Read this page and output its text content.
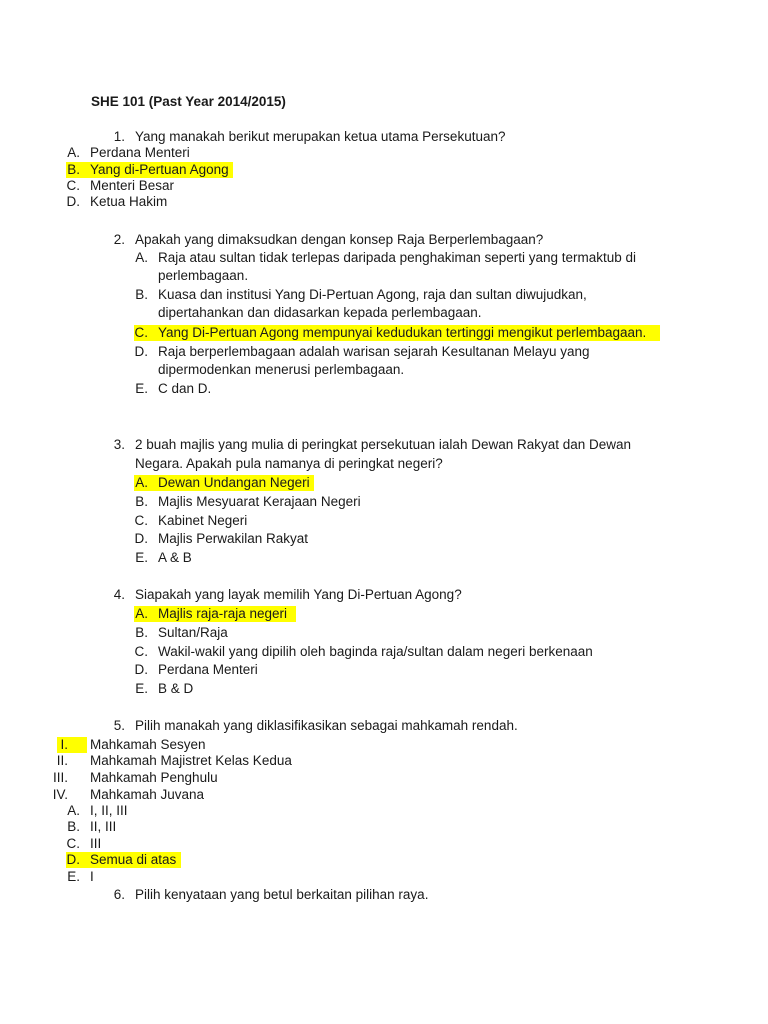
SHE 101 (Past Year 2014/2015)
1. Yang manakah berikut merupakan ketua utama Persekutuan?
A. Perdana Menteri
B. Yang di-Pertuan Agong
C. Menteri Besar
D. Ketua Hakim
2. Apakah yang dimaksudkan dengan konsep Raja Berperlembagaan?
A. Raja atau sultan tidak terlepas daripada penghakiman seperti yang termaktub di
perlembagaan.
B. Kuasa dan institusi Yang Di-Pertuan Agong, raja dan sultan diwujudkan,
dipertahankan dan didasarkan kepada perlembagaan.
C. Yang Di-Pertuan Agong mempunyai kedudukan tertinggi mengikut perlembagaan.
D. Raja berperlembagaan adalah warisan sejarah Kesultanan Melayu yang
dipermodenkan menerusi perlembagaan.
E. C dan D.
3. 2 buah majlis yang mulia di peringkat persekutuan ialah Dewan Rakyat dan Dewan
Negara. Apakah pula namanya di peringkat negeri?
A. Dewan Undangan Negeri
B. Majlis Mesyuarat Kerajaan Negeri
C. Kabinet Negeri
D. Majlis Perwakilan Rakyat
E. A & B
4. Siapakah yang layak memilih Yang Di-Pertuan Agong?
A. Majlis raja-raja negeri
B. Sultan/Raja
C. Wakil-wakil yang dipilih oleh baginda raja/sultan dalam negeri berkenaan
D. Perdana Menteri
E. B & D
5. Pilih manakah yang diklasifikasikan sebagai mahkamah rendah.
I. Mahkamah Sesyen
II. Mahkamah Majistret Kelas Kedua
III. Mahkamah Penghulu
IV. Mahkamah Juvana
A. I, II, III
B. II, III
C. III
D. Semua di atas
E. I
6. Pilih kenyataan yang betul berkaitan pilihan raya.
